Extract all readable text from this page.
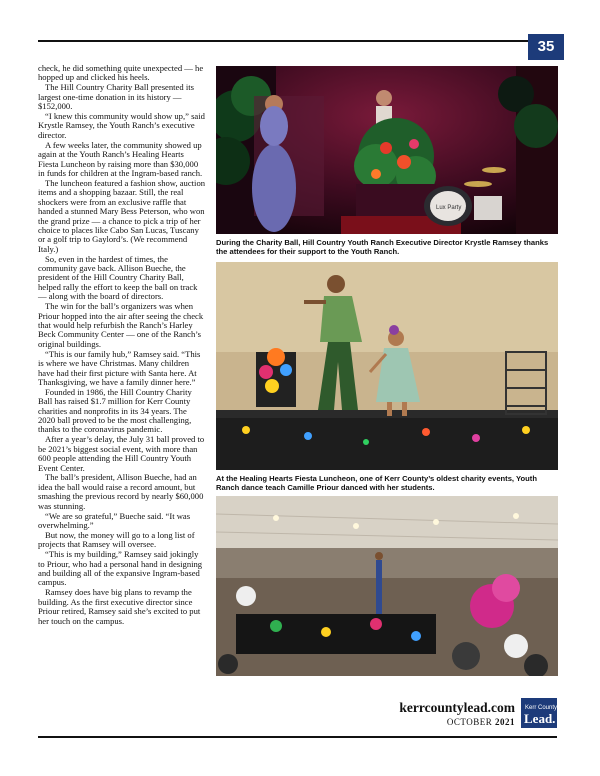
35

check, he did something quite unexpected — he hopped up and clicked his heels.

The Hill Country Charity Ball presented its largest one-time donation in its history — $152,000.

“I knew this community would show up,” said Krystle Ramsey, the Youth Ranch’s executive director.

A few weeks later, the community showed up again at the Youth Ranch’s Healing Hearts Fiesta Luncheon by raising more than $30,000 in funds for children at the Ingram-based ranch.

The luncheon featured a fashion show, auction items and a shopping bazaar. Still, the real shockers were from an exclusive raffle that handed a stunned Mary Bess Peterson, who won the grand prize — a chance to pick a trip of her choice to places like Cabo San Lucas, Tuscany or a golf trip to Gaylord’s. (We recommend Italy.)

So, even in the hardest of times, the community gave back. Allison Bueche, the president of the Hill Country Charity Ball, helped rally the effort to keep the ball on track — along with the board of directors.

The win for the ball’s organizers was when Priour hopped into the air after seeing the check that would help refurbish the Ranch’s Harley Beck Community Center — one of the Ranch’s original buildings.

“This is our family hub,” Ramsey said. “This is where we have Christmas. Many children have had their first picture with Santa here. At Thanksgiving, we have a family dinner here.”

Founded in 1986, the Hill Country Charity Ball has raised $1.7 million for Kerr County charities and nonprofits in its 34 years. The 2020 ball proved to be the most challenging, thanks to the coronavirus pandemic.

After a year’s delay, the July 31 ball proved to be 2021’s biggest social event, with more than 600 people attending the Hill Country Youth Event Center.

The ball’s president, Allison Bueche, had an idea the ball would raise a record amount, but smashing the previous record by nearly $60,000 was stunning.

“We are so grateful,” Bueche said. “It was overwhelming.”

But now, the money will go to a long list of projects that Ramsey will oversee.

“This is my building,” Ramsey said jokingly to Priour, who had a personal hand in designing and building all of the expansive Ingram-based campus.

Ramsey does have big plans to revamp the building. As the first executive director since Priour retired, Ramsey said she’s excited to put her touch on the campus.

Lux Party
During the Charity Ball, Hill Country Youth Ranch Executive Director Krystle Ramsey thanks the attendees for their support to the Youth Ranch.
At the Healing Hearts Fiesta Luncheon, one of Kerr County’s oldest charity events, Youth Ranch dance teach Camille Priour danced with her students.
kerrcountylead.com
OCTOBER 2021
Kerr County
Lead.
